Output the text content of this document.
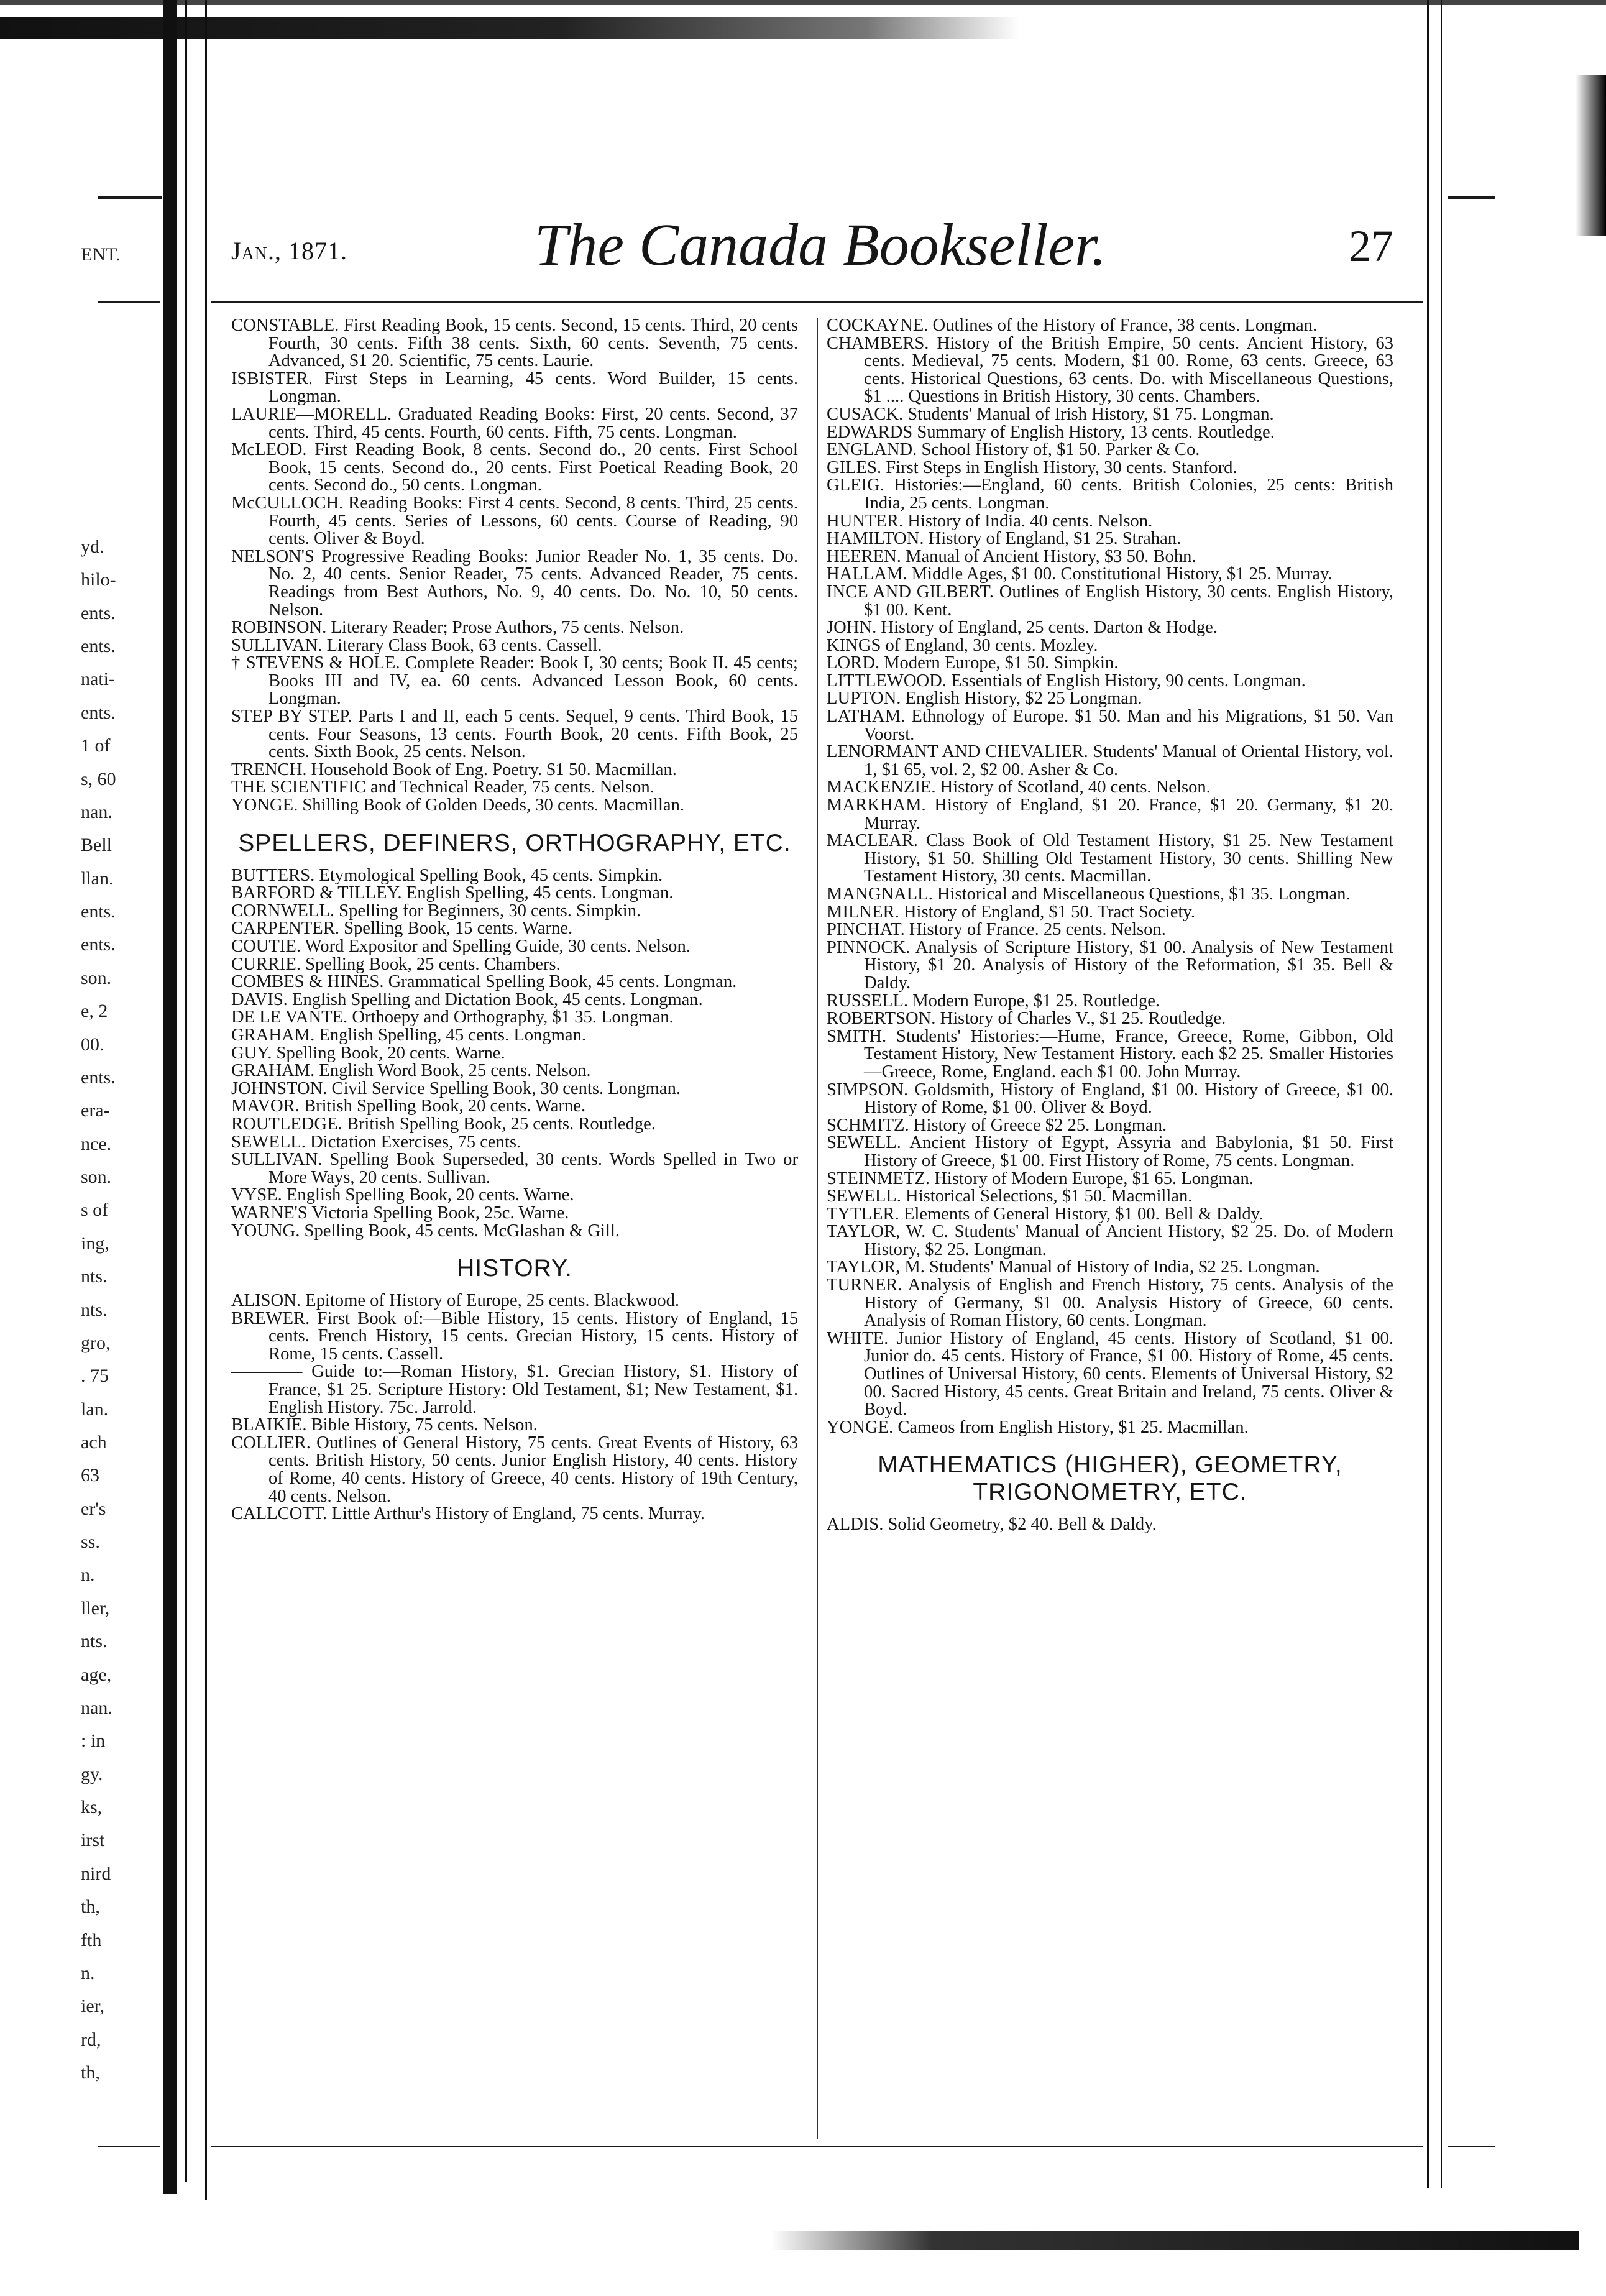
ENT.
yd.
hilo-
ents.
ents.
nati-
ents.
1 of
s, 60
nan.
Bell
llan.
ents.
ents.
son.
e, 2
00.
ents.
era-
nce.
son.
s of
ing,
nts.
nts.
gro,
. 75
lan.
ach
63
er's
ss.
n.
ller,
nts.
age,
nan.
: in
gy.
ks,
irst
nird
th,
fth
n.
ier,
rd,
th,
Jan., 1871.	The Canada Bookseller.	27

CONSTABLE. First Reading Book, 15 cents. Second, 15 cents. Third, 20 cents Fourth, 30 cents. Fifth 38 cents. Sixth, 60 cents. Seventh, 75 cents. Advanced, $1 20. Scientific, 75 cents. Laurie.

ISBISTER. First Steps in Learning, 45 cents. Word Builder, 15 cents. Longman.

LAURIE—MORELL. Graduated Reading Books: First, 20 cents. Second, 37 cents. Third, 45 cents. Fourth, 60 cents. Fifth, 75 cents. Longman.

McLEOD. First Reading Book, 8 cents. Second do., 20 cents. First School Book, 15 cents. Second do., 20 cents. First Poetical Reading Book, 20 cents. Second do., 50 cents. Longman.

McCULLOCH. Reading Books: First 4 cents. Second, 8 cents. Third, 25 cents. Fourth, 45 cents. Series of Lessons, 60 cents. Course of Reading, 90 cents. Oliver & Boyd.

NELSON'S Progressive Reading Books: Junior Reader No. 1, 35 cents. Do. No. 2, 40 cents. Senior Reader, 75 cents. Advanced Reader, 75 cents. Readings from Best Authors, No. 9, 40 cents. Do. No. 10, 50 cents. Nelson.

ROBINSON. Literary Reader; Prose Authors, 75 cents. Nelson.

SULLIVAN. Literary Class Book, 63 cents. Cassell.

† STEVENS & HOLE. Complete Reader: Book I, 30 cents; Book II. 45 cents; Books III and IV, ea. 60 cents. Advanced Lesson Book, 60 cents. Longman.

STEP BY STEP. Parts I and II, each 5 cents. Sequel, 9 cents. Third Book, 15 cents. Four Seasons, 13 cents. Fourth Book, 20 cents. Fifth Book, 25 cents. Sixth Book, 25 cents. Nelson.

TRENCH. Household Book of Eng. Poetry. $1 50. Macmillan.

THE SCIENTIFIC and Technical Reader, 75 cents. Nelson.

YONGE. Shilling Book of Golden Deeds, 30 cents. Macmillan.

SPELLERS, DEFINERS, ORTHOGRAPHY, ETC.

BUTTERS. Etymological Spelling Book, 45 cents. Simpkin.

BARFORD & TILLEY. English Spelling, 45 cents. Longman.

CORNWELL. Spelling for Beginners, 30 cents. Simpkin.

CARPENTER. Spelling Book, 15 cents. Warne.

COUTIE. Word Expositor and Spelling Guide, 30 cents. Nelson.

CURRIE. Spelling Book, 25 cents. Chambers.

COMBES & HINES. Grammatical Spelling Book, 45 cents. Longman.

DAVIS. English Spelling and Dictation Book, 45 cents. Longman.

DE LE VANTE. Orthoepy and Orthography, $1 35. Longman.

GRAHAM. English Spelling, 45 cents. Longman.

GUY. Spelling Book, 20 cents. Warne.

GRAHAM. English Word Book, 25 cents. Nelson.

JOHNSTON. Civil Service Spelling Book, 30 cents. Longman.

MAVOR. British Spelling Book, 20 cents. Warne.

ROUTLEDGE. British Spelling Book, 25 cents. Routledge.

SEWELL. Dictation Exercises, 75 cents.

SULLIVAN. Spelling Book Superseded, 30 cents. Words Spelled in Two or More Ways, 20 cents. Sullivan.

VYSE. English Spelling Book, 20 cents. Warne.

WARNE'S Victoria Spelling Book, 25c. Warne.

YOUNG. Spelling Book, 45 cents. McGlashan & Gill.

HISTORY.

ALISON. Epitome of History of Europe, 25 cents. Blackwood.

BREWER. First Book of:—Bible History, 15 cents. History of England, 15 cents. French History, 15 cents. Grecian History, 15 cents. History of Rome, 15 cents. Cassell.

———— Guide to:—Roman History, $1. Grecian History, $1. History of France, $1 25. Scripture History: Old Testament, $1; New Testament, $1. English History. 75c. Jarrold.

BLAIKIE. Bible History, 75 cents. Nelson.

COLLIER. Outlines of General History, 75 cents. Great Events of History, 63 cents. British History, 50 cents. Junior English History, 40 cents. History of Rome, 40 cents. History of Greece, 40 cents. History of 19th Century, 40 cents. Nelson.

CALLCOTT. Little Arthur's History of England, 75 cents. Murray.

COCKAYNE. Outlines of the History of France, 38 cents. Longman.

CHAMBERS. History of the British Empire, 50 cents. Ancient History, 63 cents. Medieval, 75 cents. Modern, $1 00. Rome, 63 cents. Greece, 63 cents. Historical Questions, 63 cents. Do. with Miscellaneous Questions, $1 .... Questions in British History, 30 cents. Chambers.

CUSACK. Students' Manual of Irish History, $1 75. Longman.

EDWARDS Summary of English History, 13 cents. Routledge.

ENGLAND. School History of, $1 50. Parker & Co.

GILES. First Steps in English History, 30 cents. Stanford.

GLEIG. Histories:—England, 60 cents. British Colonies, 25 cents: British India, 25 cents. Longman.

HUNTER. History of India. 40 cents. Nelson.

HAMILTON. History of England, $1 25. Strahan.

HEEREN. Manual of Ancient History, $3 50. Bohn.

HALLAM. Middle Ages, $1 00. Constitutional History, $1 25. Murray.

INCE AND GILBERT. Outlines of English History, 30 cents. English History, $1 00. Kent.

JOHN. History of England, 25 cents. Darton & Hodge.

KINGS of England, 30 cents. Mozley.

LORD. Modern Europe, $1 50. Simpkin.

LITTLEWOOD. Essentials of English History, 90 cents. Longman.

LUPTON. English History, $2 25 Longman.

LATHAM. Ethnology of Europe. $1 50. Man and his Migrations, $1 50. Van Voorst.

LENORMANT AND CHEVALIER. Students' Manual of Oriental History, vol. 1, $1 65, vol. 2, $2 00. Asher & Co.

MACKENZIE. History of Scotland, 40 cents. Nelson.

MARKHAM. History of England, $1 20. France, $1 20. Germany, $1 20. Murray.

MACLEAR. Class Book of Old Testament History, $1 25. New Testament History, $1 50. Shilling Old Testament History, 30 cents. Shilling New Testament History, 30 cents. Macmillan.

MANGNALL. Historical and Miscellaneous Questions, $1 35. Longman.

MILNER. History of England, $1 50. Tract Society.

PINCHAT. History of France. 25 cents. Nelson.

PINNOCK. Analysis of Scripture History, $1 00. Analysis of New Testament History, $1 20. Analysis of History of the Reformation, $1 35. Bell & Daldy.

RUSSELL. Modern Europe, $1 25. Routledge.

ROBERTSON. History of Charles V., $1 25. Routledge.

SMITH. Students' Histories:—Hume, France, Greece, Rome, Gibbon, Old Testament History, New Testament History. each $2 25. Smaller Histories—Greece, Rome, England. each $1 00. John Murray.

SIMPSON. Goldsmith, History of England, $1 00. History of Greece, $1 00. History of Rome, $1 00. Oliver & Boyd.

SCHMITZ. History of Greece $2 25. Longman.

SEWELL. Ancient History of Egypt, Assyria and Babylonia, $1 50. First History of Greece, $1 00. First History of Rome, 75 cents. Longman.

STEINMETZ. History of Modern Europe, $1 65. Longman.

SEWELL. Historical Selections, $1 50. Macmillan.

TYTLER. Elements of General History, $1 00. Bell & Daldy.

TAYLOR, W. C. Students' Manual of Ancient History, $2 25. Do. of Modern History, $2 25. Longman.

TAYLOR, M. Students' Manual of History of India, $2 25. Longman.

TURNER. Analysis of English and French History, 75 cents. Analysis of the History of Germany, $1 00. Analysis History of Greece, 60 cents. Analysis of Roman History, 60 cents. Longman.

WHITE. Junior History of England, 45 cents. History of Scotland, $1 00. Junior do. 45 cents. History of France, $1 00. History of Rome, 45 cents. Outlines of Universal History, 60 cents. Elements of Universal History, $2 00. Sacred History, 45 cents. Great Britain and Ireland, 75 cents. Oliver & Boyd.

YONGE. Cameos from English History, $1 25. Macmillan.

MATHEMATICS (HIGHER), GEOMETRY, TRIGONOMETRY, ETC.

ALDIS. Solid Geometry, $2 40. Bell & Daldy.
